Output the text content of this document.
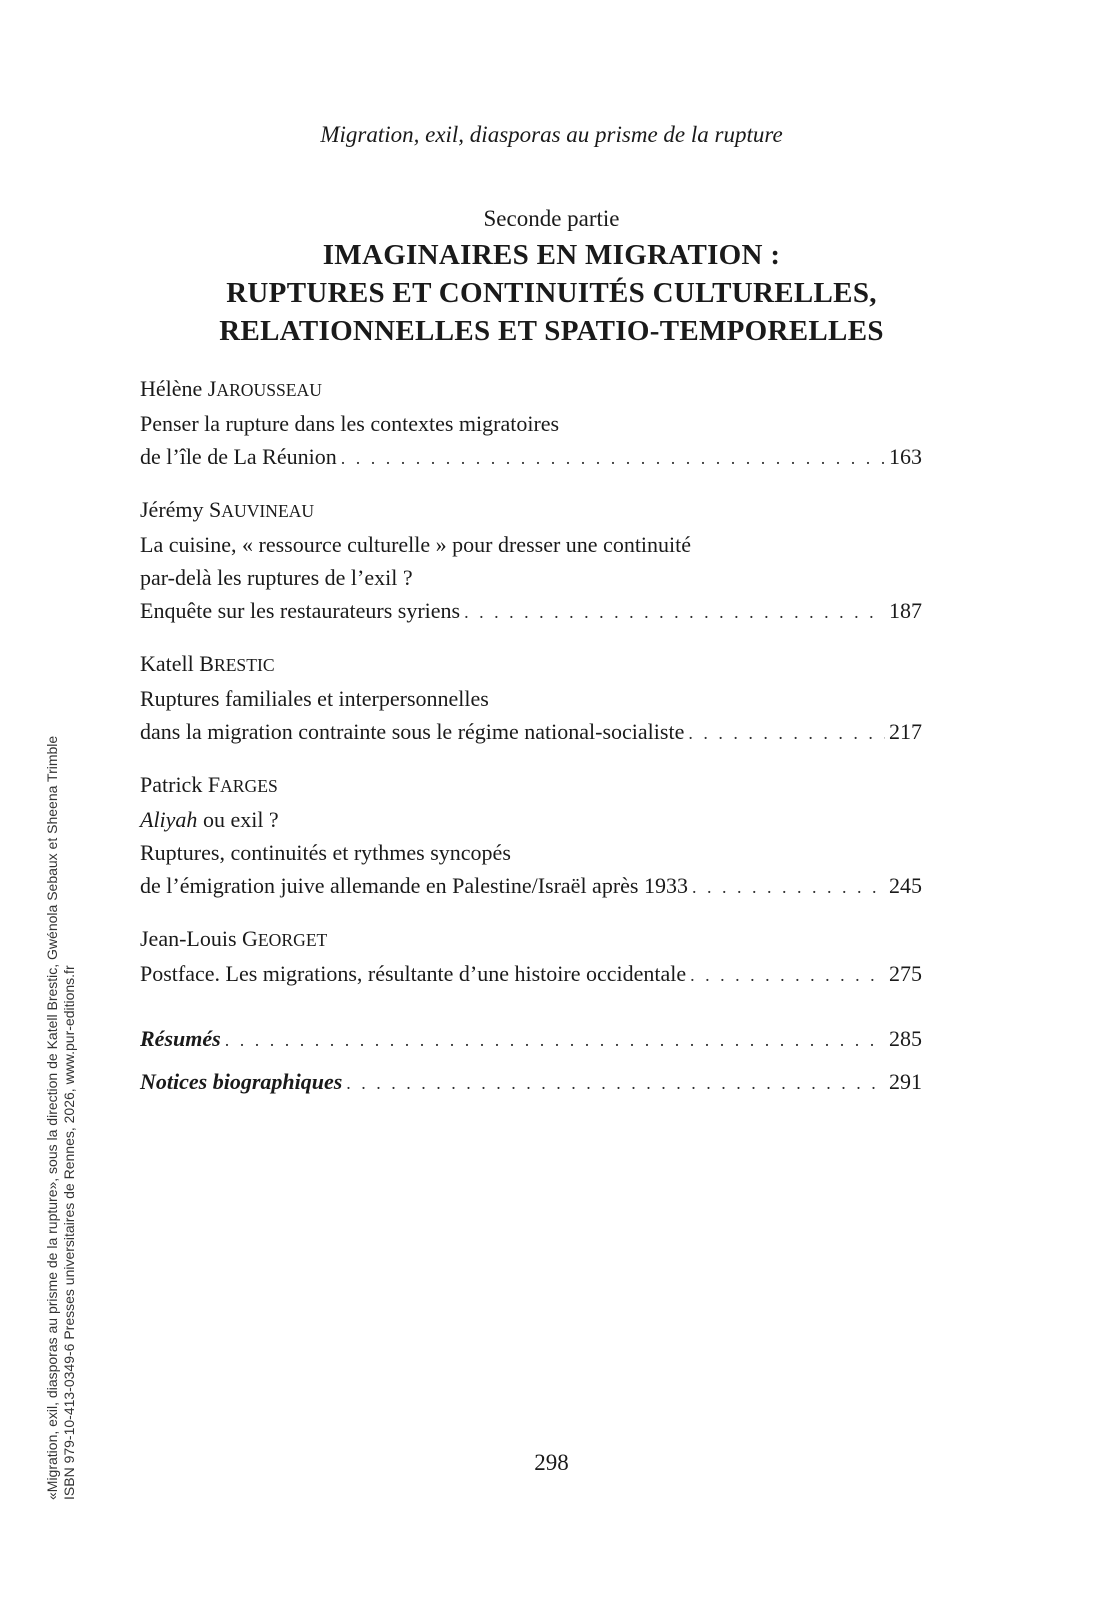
Migration, exil, diasporas au prisme de la rupture
Seconde partie
IMAGINAIRES EN MIGRATION :
RUPTURES ET CONTINUITÉS CULTURELLES,
RELATIONNELLES ET SPATIO-TEMPORELLES
Hélène JAROUSSEAU
Penser la rupture dans les contextes migratoires
de l’île de La Réunion . . .	163
Jérémy SAUVINEAU
La cuisine, « ressource culturelle » pour dresser une continuité
par-delà les ruptures de l’exil ?
Enquête sur les restaurateurs syriens . . .	187
Katell BRESTIC
Ruptures familiales et interpersonnelles
dans la migration contrainte sous le régime national-socialiste . . .	217
Patrick FARGES
Aliyah ou exil ?
Ruptures, continuités et rythmes syncopés
de l’émigration juive allemande en Palestine/Israël après 1933 . . .	245
Jean-Louis GEORGET
Postface. Les migrations, résultante d’une histoire occidentale . . .	275
Résumés . . .	285
Notices biographiques . . .	291
298
«Migration, exil, diasporas au prisme de la rupture», sous la direction de Katell Brestic, Gwénola Sebaux et Sheena Trimble ISBN 979-10-413-0349-6 Presses universitaires de Rennes, 2026, www.pur-editions.fr
